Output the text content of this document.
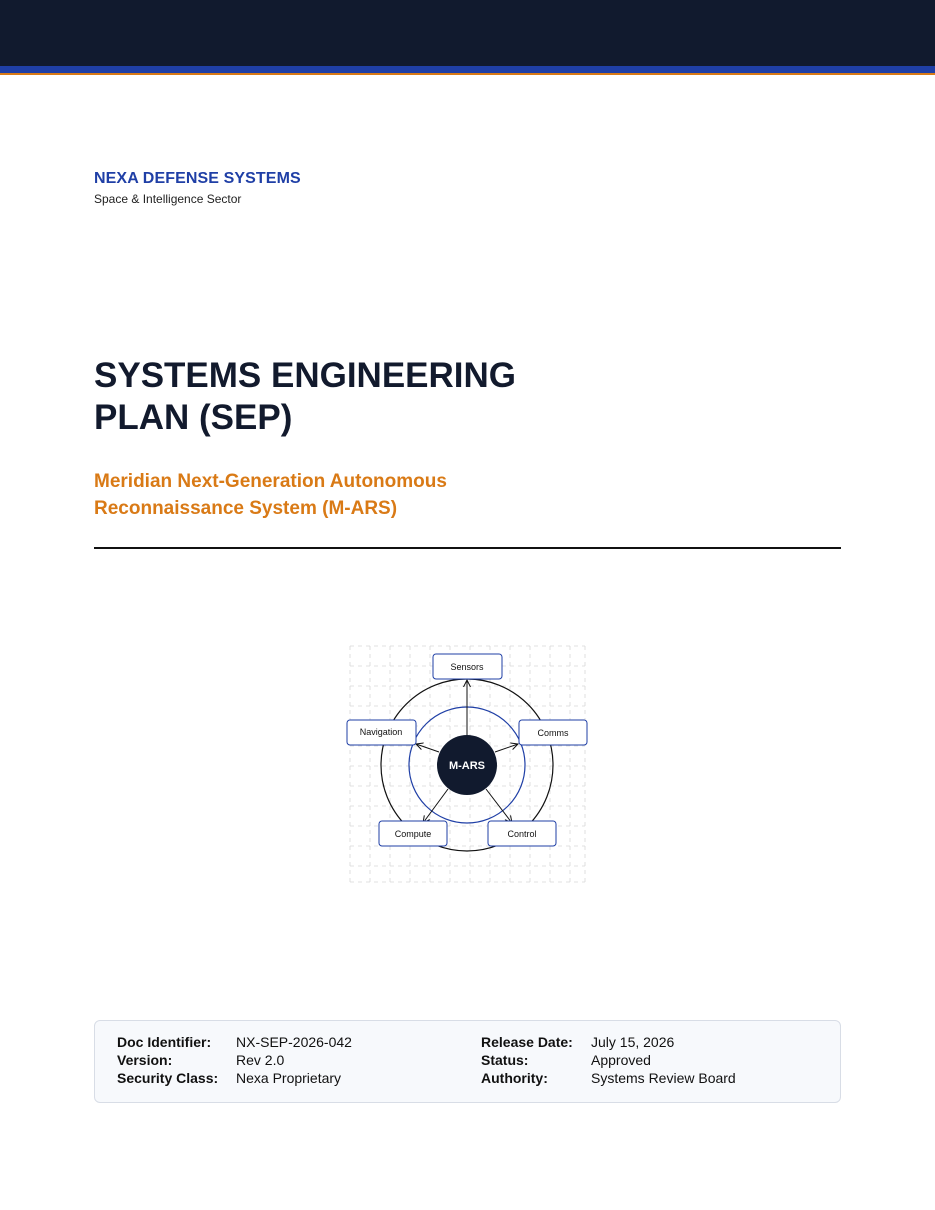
NEXA DEFENSE SYSTEMS
Space & Intelligence Sector
SYSTEMS ENGINEERING
PLAN (SEP)
Meridian Next-Generation Autonomous
Reconnaissance System (M-ARS)
M-ARS
Sensors
Comms
Control
Compute
Navigation
Doc Identifier: NX-SEP-2026-042
Version:	Rev 2.0
Security Class: Nexa Proprietary
Release Date: July 15, 2026
Status:	Approved
Authority:	Systems Review Board
